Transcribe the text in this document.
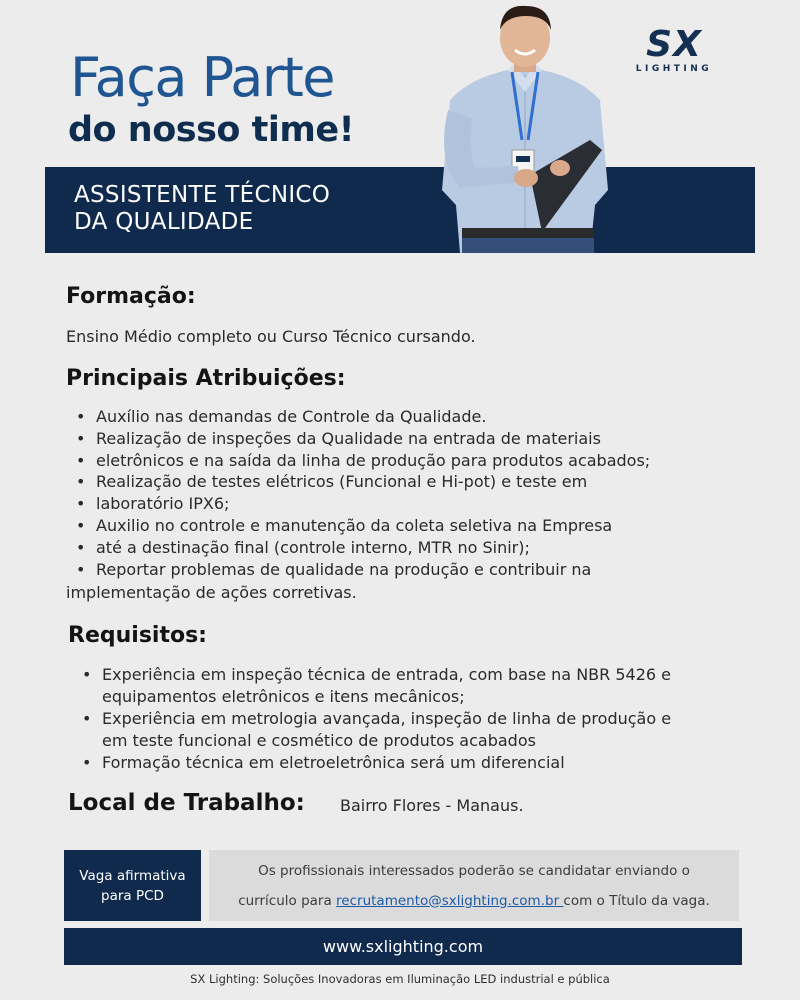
Faça Parte
do nosso time!
SX
LIGHTING
ASSISTENTE TÉCNICO
DA QUALIDADE
Formação:
Ensino Médio completo ou Curso Técnico cursando.
Principais Atribuições:
• Auxílio nas demandas de Controle da Qualidade.
• Realização de inspeções da Qualidade na entrada de materiais
• eletrônicos e na saída da linha de produção para produtos acabados;
• Realização de testes elétricos (Funcional e Hi-pot) e teste em
• laboratório IPX6;
• Auxilio no controle e manutenção da coleta seletiva na Empresa
• até a destinação final (controle interno, MTR no Sinir);
• Reportar problemas de qualidade na produção e contribuir na
implementação de ações corretivas.
Requisitos:
• Experiência em inspeção técnica de entrada, com base na NBR 5426 e
equipamentos eletrônicos e itens mecânicos;
• Experiência em metrologia avançada, inspeção de linha de produção e
em teste funcional e cosmético de produtos acabados
• Formação técnica em eletroeletrônica será um diferencial
Local de Trabalho: Bairro Flores - Manaus.
Vaga afirmativa
para PCD
Os profissionais interessados poderão se candidatar enviando o
currículo para recrutamento@sxlighting.com.br com o Título da vaga.
www.sxlighting.com
SX Lighting: Soluções Inovadoras em Iluminação LED industrial e pública
